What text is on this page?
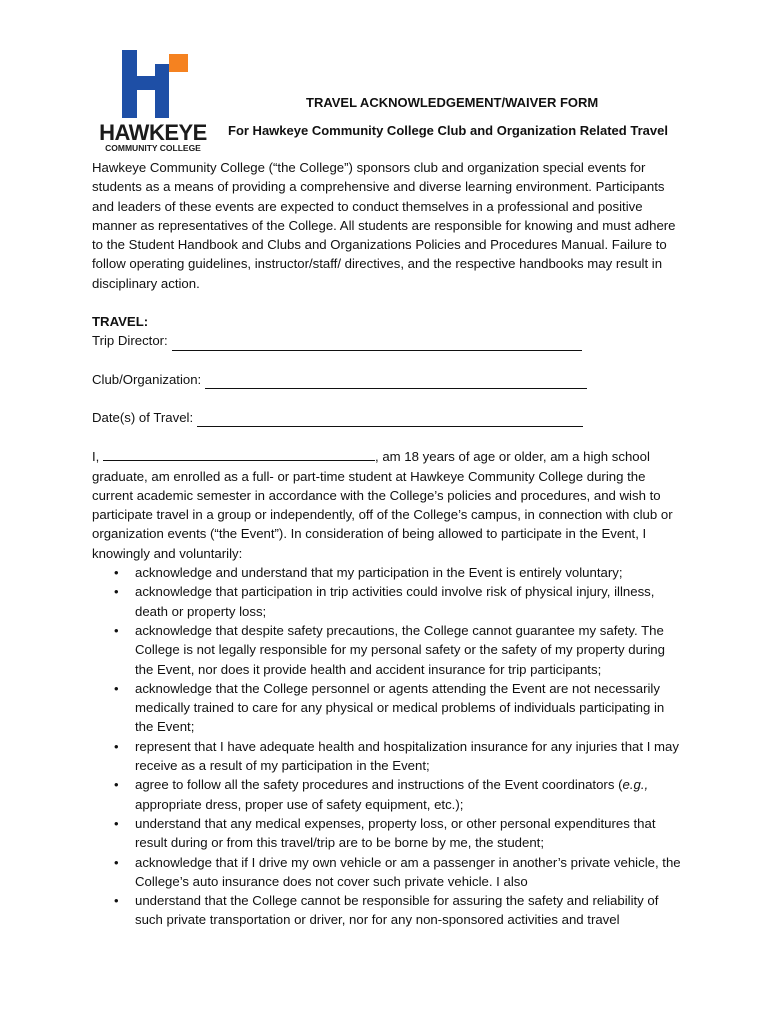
HAWKEYE
COMMUNITY COLLEGE
TRAVEL ACKNOWLEDGEMENT/WAIVER FORM
For Hawkeye Community College Club and Organization Related Travel

Hawkeye Community College (“the College”) sponsors club and organization special events for students as a means of providing a comprehensive and diverse learning environment. Participants and leaders of these events are expected to conduct themselves in a professional and positive manner as representatives of the College. All students are responsible for knowing and must adhere to the Student Handbook and Clubs and Organizations Policies and Procedures Manual. Failure to follow operating guidelines, instructor/staff/ directives, and the respective handbooks may result in disciplinary action.

TRAVEL:

Trip Director:
Club/Organization:
Date(s) of Travel:

I,	, am 18 years of age or older, am a high school graduate, am enrolled as a full- or part-time student at Hawkeye Community College during the current academic semester in accordance with the College’s policies and procedures, and wish to participate travel in a group or independently, off of the College’s campus, in connection with club or organization events (“the Event”). In consideration of being allowed to participate in the Event, I knowingly and voluntarily:

• acknowledge and understand that my participation in the Event is entirely voluntary;
• acknowledge that participation in trip activities could involve risk of physical injury, illness, death or property loss;
• acknowledge that despite safety precautions, the College cannot guarantee my safety. The College is not legally responsible for my personal safety or the safety of my property during the Event, nor does it provide health and accident insurance for trip participants;
• acknowledge that the College personnel or agents attending the Event are not necessarily medically trained to care for any physical or medical problems of individuals participating in the Event;
• represent that I have adequate health and hospitalization insurance for any injuries that I may receive as a result of my participation in the Event;
• agree to follow all the safety procedures and instructions of the Event coordinators (e.g., appropriate dress, proper use of safety equipment, etc.);
• understand that any medical expenses, property loss, or other personal expenditures that result during or from this travel/trip are to be borne by me, the student;
• acknowledge that if I drive my own vehicle or am a passenger in another’s private vehicle, the College’s auto insurance does not cover such private vehicle. I also
• understand that the College cannot be responsible for assuring the safety and reliability of such private transportation or driver, nor for any non-sponsored activities and travel
